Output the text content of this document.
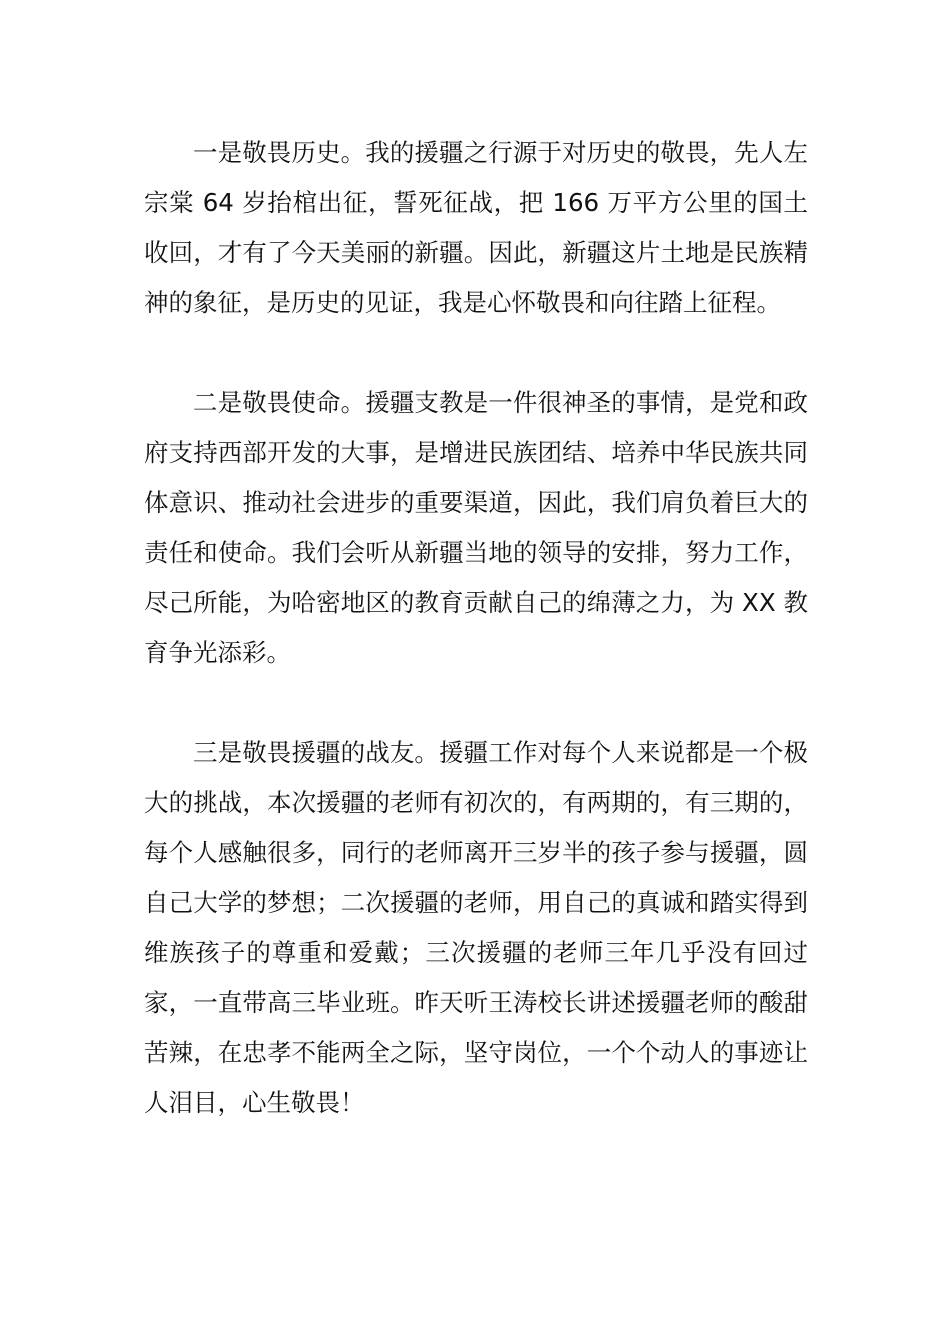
一是敬畏历史。我的援疆之行源于对历史的敬畏，先人左宗棠 64 岁抬棺出征，誓死征战，把 166 万平方公里的国土收回，才有了今天美丽的新疆。因此，新疆这片土地是民族精神的象征，是历史的见证，我是心怀敬畏和向往踏上征程。

二是敬畏使命。援疆支教是一件很神圣的事情，是党和政府支持西部开发的大事，是增进民族团结、培养中华民族共同体意识、推动社会进步的重要渠道，因此，我们肩负着巨大的责任和使命。我们会听从新疆当地的领导的安排，努力工作，尽己所能，为哈密地区的教育贡献自己的绵薄之力，为 XX 教育争光添彩。

三是敬畏援疆的战友。援疆工作对每个人来说都是一个极大的挑战，本次援疆的老师有初次的，有两期的，有三期的，每个人感触很多，同行的老师离开三岁半的孩子参与援疆，圆自己大学的梦想；二次援疆的老师，用自己的真诚和踏实得到维族孩子的尊重和爱戴；三次援疆的老师三年几乎没有回过家，一直带高三毕业班。昨天听王涛校长讲述援疆老师的酸甜苦辣，在忠孝不能两全之际，坚守岗位，一个个动人的事迹让人泪目，心生敬畏！
